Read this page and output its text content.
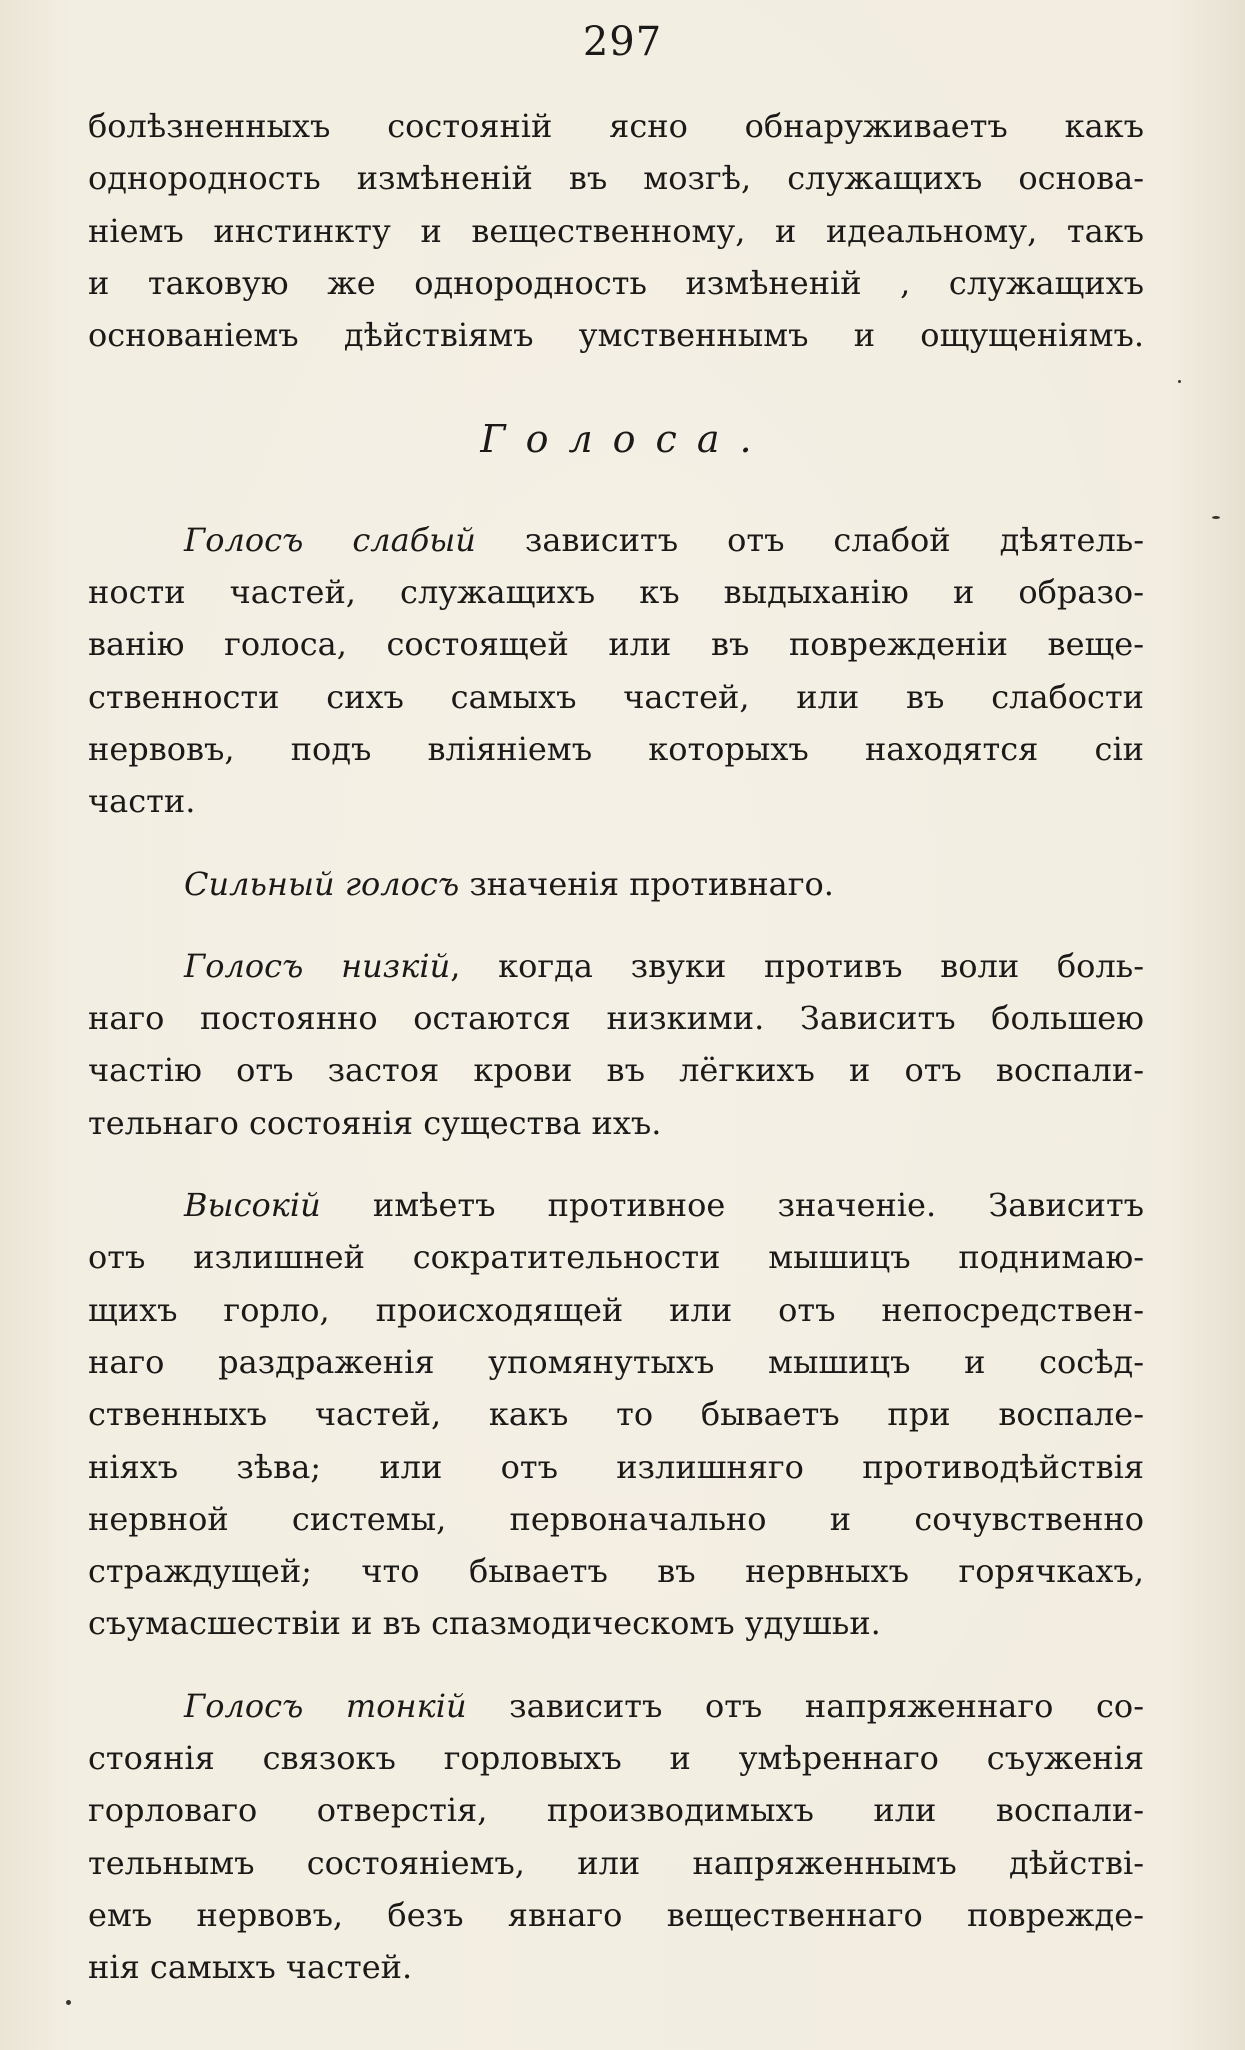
297
болѣзненныхъ состояній ясно обнаруживаетъ какъ
однородность измѣненій въ мозгѣ, служащихъ основа-
ніемъ инстинкту и вещественному, и идеальному, такъ
и таковую же однородность измѣненій , служащихъ
основаніемъ дѣйствіямъ умственнымъ и ощущеніямъ.
Голоса.
Голосъ слабый зависитъ отъ слабой дѣятель-
ности частей, служащихъ къ выдыханію и образо-
ванію голоса, состоящей или въ поврежденіи веще-
ственности сихъ самыхъ частей, или въ слабости
нервовъ, подъ вліяніемъ которыхъ находятся сіи
части.
Сильный голосъ значенія противнаго.
Голосъ низкій, когда звуки противъ воли боль-
наго постоянно остаются низкими. Зависитъ большею
частію отъ застоя крови въ лёгкихъ и отъ воспали-
тельнаго состоянія существа ихъ.
Высокій имѣетъ противное значеніе. Зависитъ
отъ излишней сократительности мышицъ поднимаю-
щихъ горло, происходящей или отъ непосредствен-
наго раздраженія упомянутыхъ мышицъ и сосѣд-
ственныхъ частей, какъ то бываетъ при воспале-
ніяхъ зѣва; или отъ излишняго противодѣйствія
нервной системы, первоначально и сочувственно
страждущей; что бываетъ въ нервныхъ горячкахъ,
съумасшествіи и въ спазмодическомъ удушьи.
Голосъ тонкій зависитъ отъ напряженнаго со-
стоянія связокъ горловыхъ и умѣреннаго съуженія
горловаго отверстія, производимыхъ или воспали-
тельнымъ состояніемъ, или напряженнымъ дѣйствi-
емъ нервовъ, безъ явнаго вещественнаго поврежде-
нія самыхъ частей.
